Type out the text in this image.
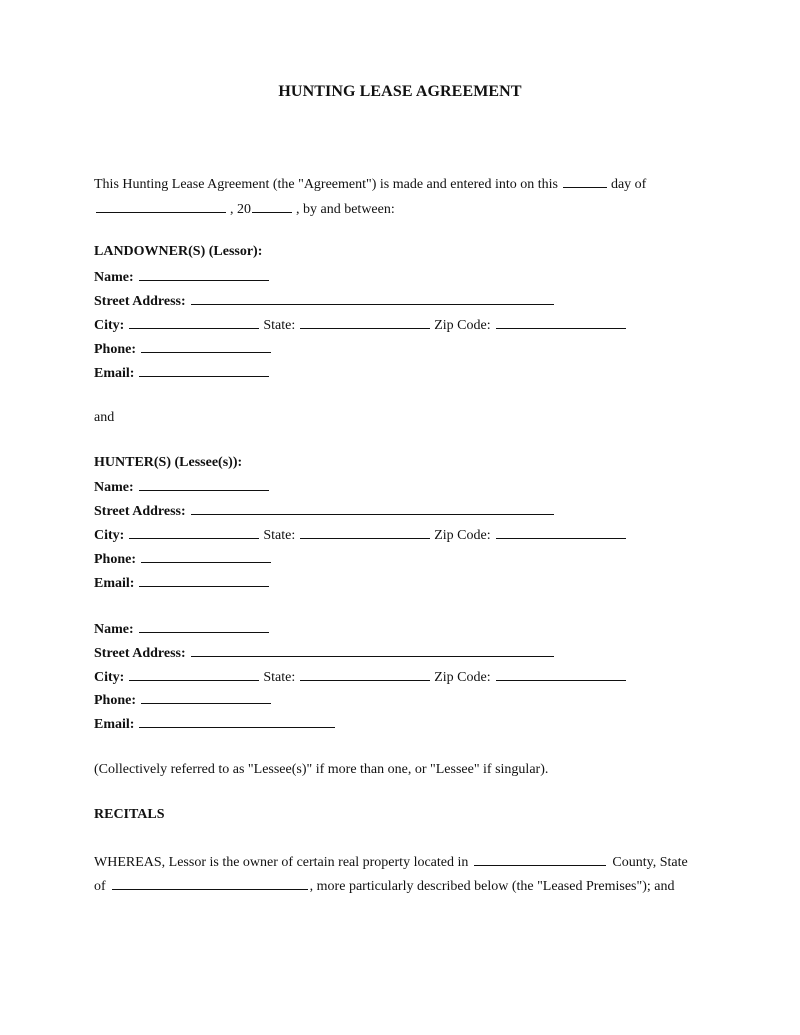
HUNTING LEASE AGREEMENT
This Hunting Lease Agreement (the "Agreement") is made and entered into on this	day of
, 20	, by and between:
LANDOWNER(S) (Lessor):
Name:
Street Address:
City:	State:	Zip Code:
Phone:
Email:
and
HUNTER(S) (Lessee(s)):
Name:
Street Address:
City:	State:	Zip Code:
Phone:
Email:
Name:
Street Address:
City:	State:	Zip Code:
Phone:
Email:
(Collectively referred to as "Lessee(s)" if more than one, or "Lessee" if singular).
RECITALS
WHEREAS, Lessor is the owner of certain real property located in	County, State
of	, more particularly described below (the "Leased Premises"); and
